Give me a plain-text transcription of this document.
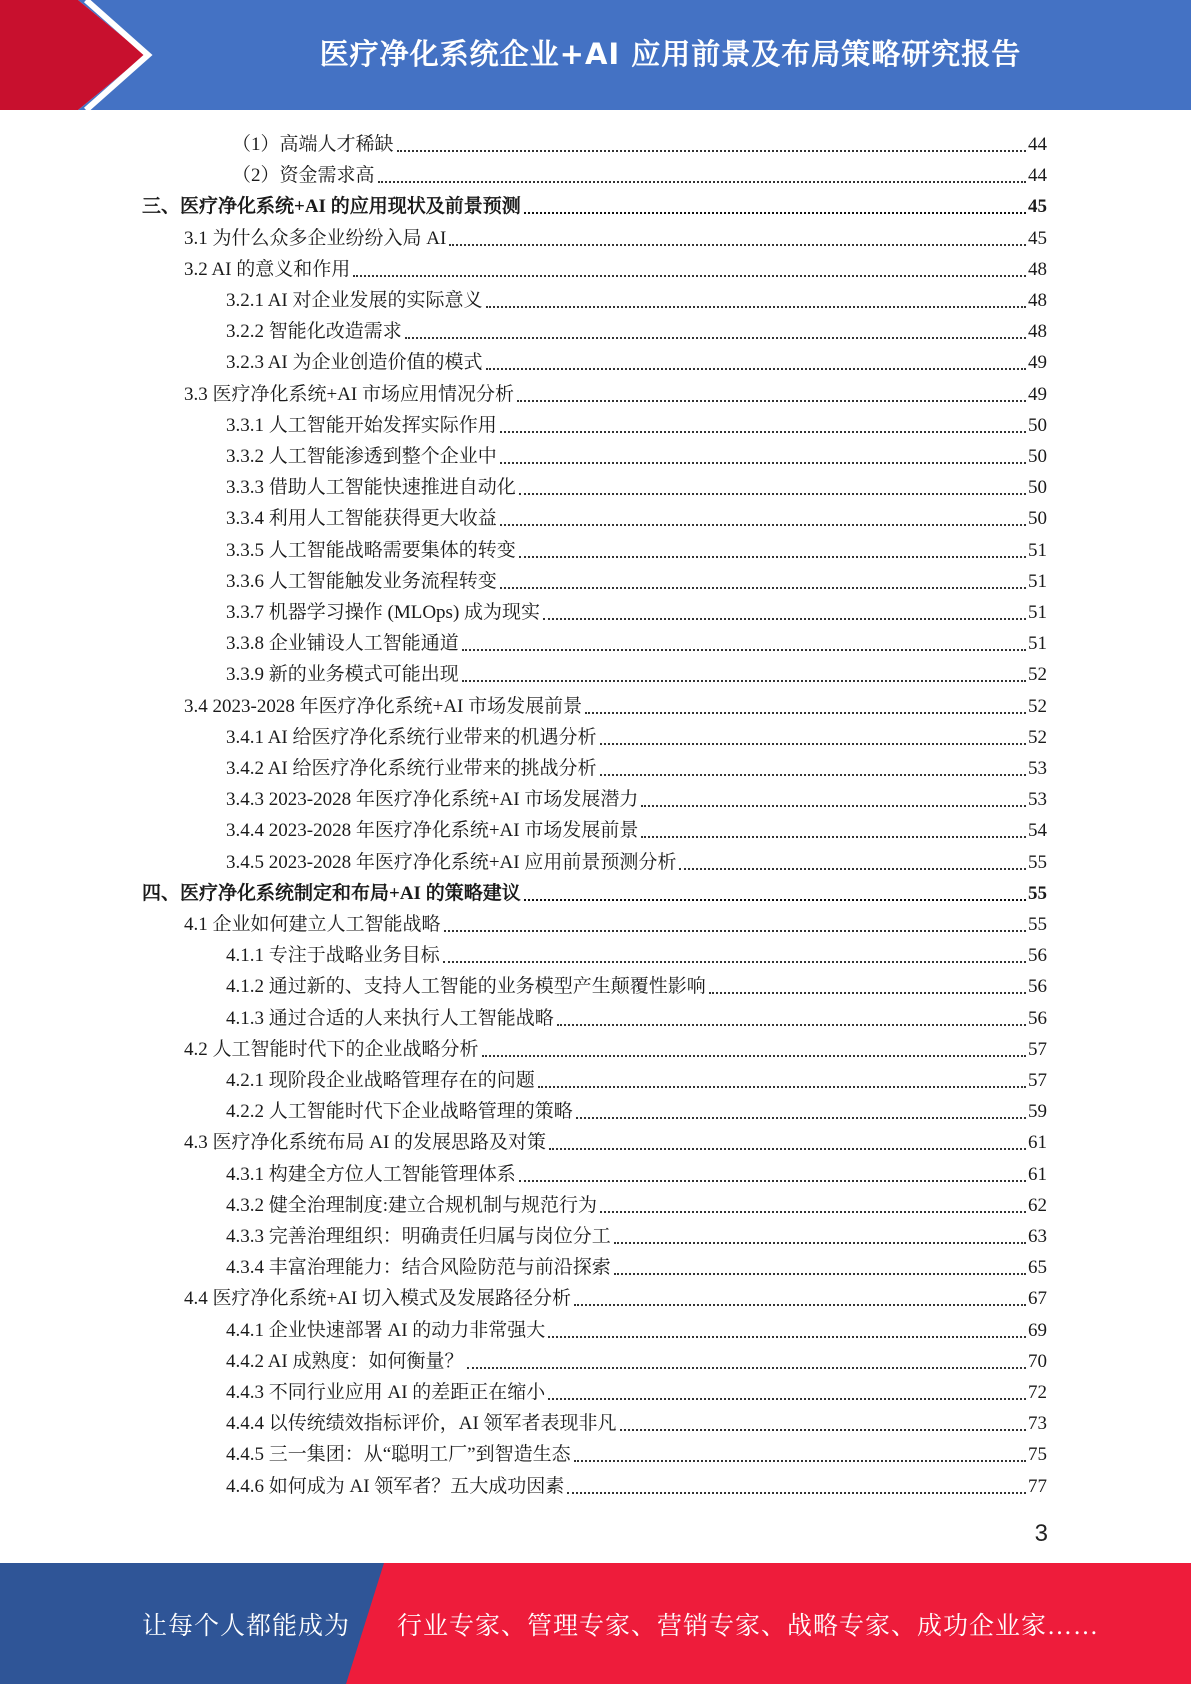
医疗净化系统企业+AI 应用前景及布局策略研究报告
（1）高端人才稀缺	44
（2）资金需求高	44
三、医疗净化系统+AI 的应用现状及前景预测	45
3.1 为什么众多企业纷纷入局 AI	45
3.2 AI 的意义和作用	48
3.2.1 AI 对企业发展的实际意义	48
3.2.2 智能化改造需求	48
3.2.3 AI 为企业创造价值的模式	49
3.3 医疗净化系统+AI 市场应用情况分析	49
3.3.1 人工智能开始发挥实际作用	50
3.3.2 人工智能渗透到整个企业中	50
3.3.3 借助人工智能快速推进自动化	50
3.3.4 利用人工智能获得更大收益	50
3.3.5 人工智能战略需要集体的转变	51
3.3.6 人工智能触发业务流程转变	51
3.3.7 机器学习操作 (MLOps) 成为现实	51
3.3.8 企业铺设人工智能通道	51
3.3.9 新的业务模式可能出现	52
3.4 2023-2028 年医疗净化系统+AI 市场发展前景	52
3.4.1 AI 给医疗净化系统行业带来的机遇分析	52
3.4.2 AI 给医疗净化系统行业带来的挑战分析	53
3.4.3 2023-2028 年医疗净化系统+AI 市场发展潜力	53
3.4.4 2023-2028 年医疗净化系统+AI 市场发展前景	54
3.4.5 2023-2028 年医疗净化系统+AI 应用前景预测分析	55
四、医疗净化系统制定和布局+AI 的策略建议	55
4.1 企业如何建立人工智能战略	55
4.1.1 专注于战略业务目标	56
4.1.2 通过新的、支持人工智能的业务模型产生颠覆性影响	56
4.1.3 通过合适的人来执行人工智能战略	56
4.2 人工智能时代下的企业战略分析	57
4.2.1 现阶段企业战略管理存在的问题	57
4.2.2 人工智能时代下企业战略管理的策略	59
4.3 医疗净化系统布局 AI 的发展思路及对策	61
4.3.1 构建全方位人工智能管理体系	61
4.3.2 健全治理制度:建立合规机制与规范行为	62
4.3.3 完善治理组织：明确责任归属与岗位分工	63
4.3.4 丰富治理能力：结合风险防范与前沿探索	65
4.4 医疗净化系统+AI 切入模式及发展路径分析	67
4.4.1 企业快速部署 AI 的动力非常强大	69
4.4.2 AI 成熟度：如何衡量？	70
4.4.3 不同行业应用 AI 的差距正在缩小	72
4.4.4 以传统绩效指标评价，AI 领军者表现非凡	73
4.4.5 三一集团：从“聪明工厂”到智造生态	75
4.4.6 如何成为 AI 领军者？五大成功因素	77
3
让每个人都能成为 行业专家、管理专家、营销专家、战略专家、成功企业家……
